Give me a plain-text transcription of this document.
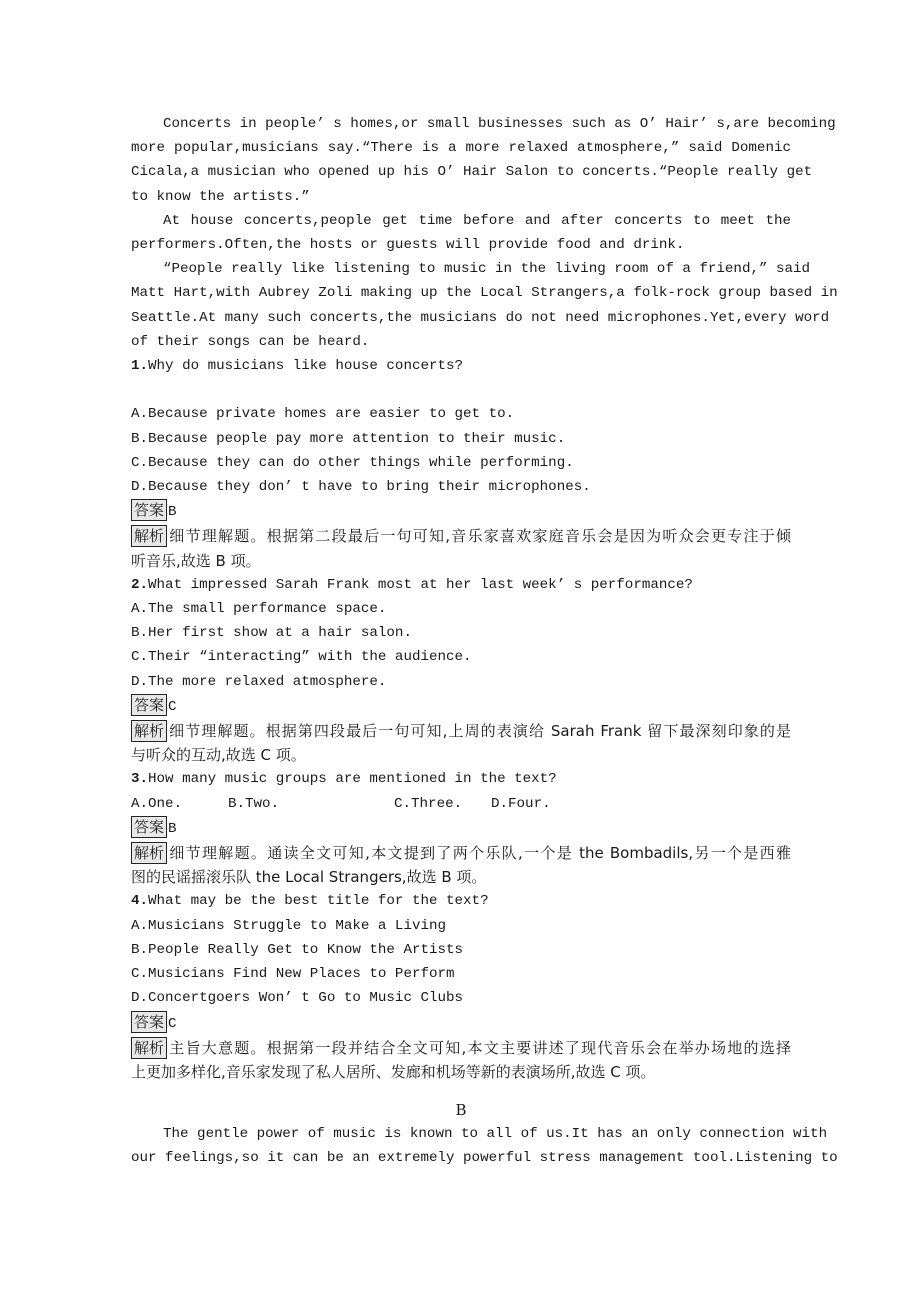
Concerts in people’ s homes,or small businesses such as O’ Hair’ s,are becoming
more popular,musicians say.“There is a more relaxed atmosphere,” said Domenic
Cicala,a musician who opened up his O’ Hair Salon to concerts.“People really get
to know the artists.”
At house concerts,people get time before and after concerts to meet the
performers.Often,the hosts or guests will provide food and drink.
“People really like listening to music in the living room of a friend,” said
Matt Hart,with Aubrey Zoli making up the Local Strangers,a folk-rock group based in
Seattle.At many such concerts,the musicians do not need microphones.Yet,every word
of their songs can be heard.
1.Why do musicians like house concerts?
A.Because private homes are easier to get to.
B.Because people pay more attention to their music.
C.Because they can do other things while performing.
D.Because they don’ t have to bring their microphones.
答案 B
解析 细节理解题。根据第二段最后一句可知,音乐家喜欢家庭音乐会是因为听众会更专注于倾
听音乐,故选 B 项。
2.What impressed Sarah Frank most at her last week’ s performance?
A.The small performance space.
B.Her first show at a hair salon.
C.Their “interacting” with the audience.
D.The more relaxed atmosphere.
答案 C
解析 细节理解题。根据第四段最后一句可知,上周的表演给 Sarah Frank 留下最深刻印象的是
与听众的互动,故选 C 项。
3.How many music groups are mentioned in the text?
A.One.	B.Two.	C.Three. D.Four.
答案 B
解析 细节理解题。通读全文可知,本文提到了两个乐队,一个是 the Bombadils,另一个是西雅
图的民谣摇滚乐队 the Local Strangers,故选 B 项。
4.What may be the best title for the text?
A.Musicians Struggle to Make a Living
B.People Really Get to Know the Artists
C.Musicians Find New Places to Perform
D.Concertgoers Won’ t Go to Music Clubs
答案 C
解析 主旨大意题。根据第一段并结合全文可知,本文主要讲述了现代音乐会在举办场地的选择
上更加多样化,音乐家发现了私人居所、发廊和机场等新的表演场所,故选 C 项。
B
The gentle power of music is known to all of us.It has an only connection with
our feelings,so it can be an extremely powerful stress management tool.Listening to
